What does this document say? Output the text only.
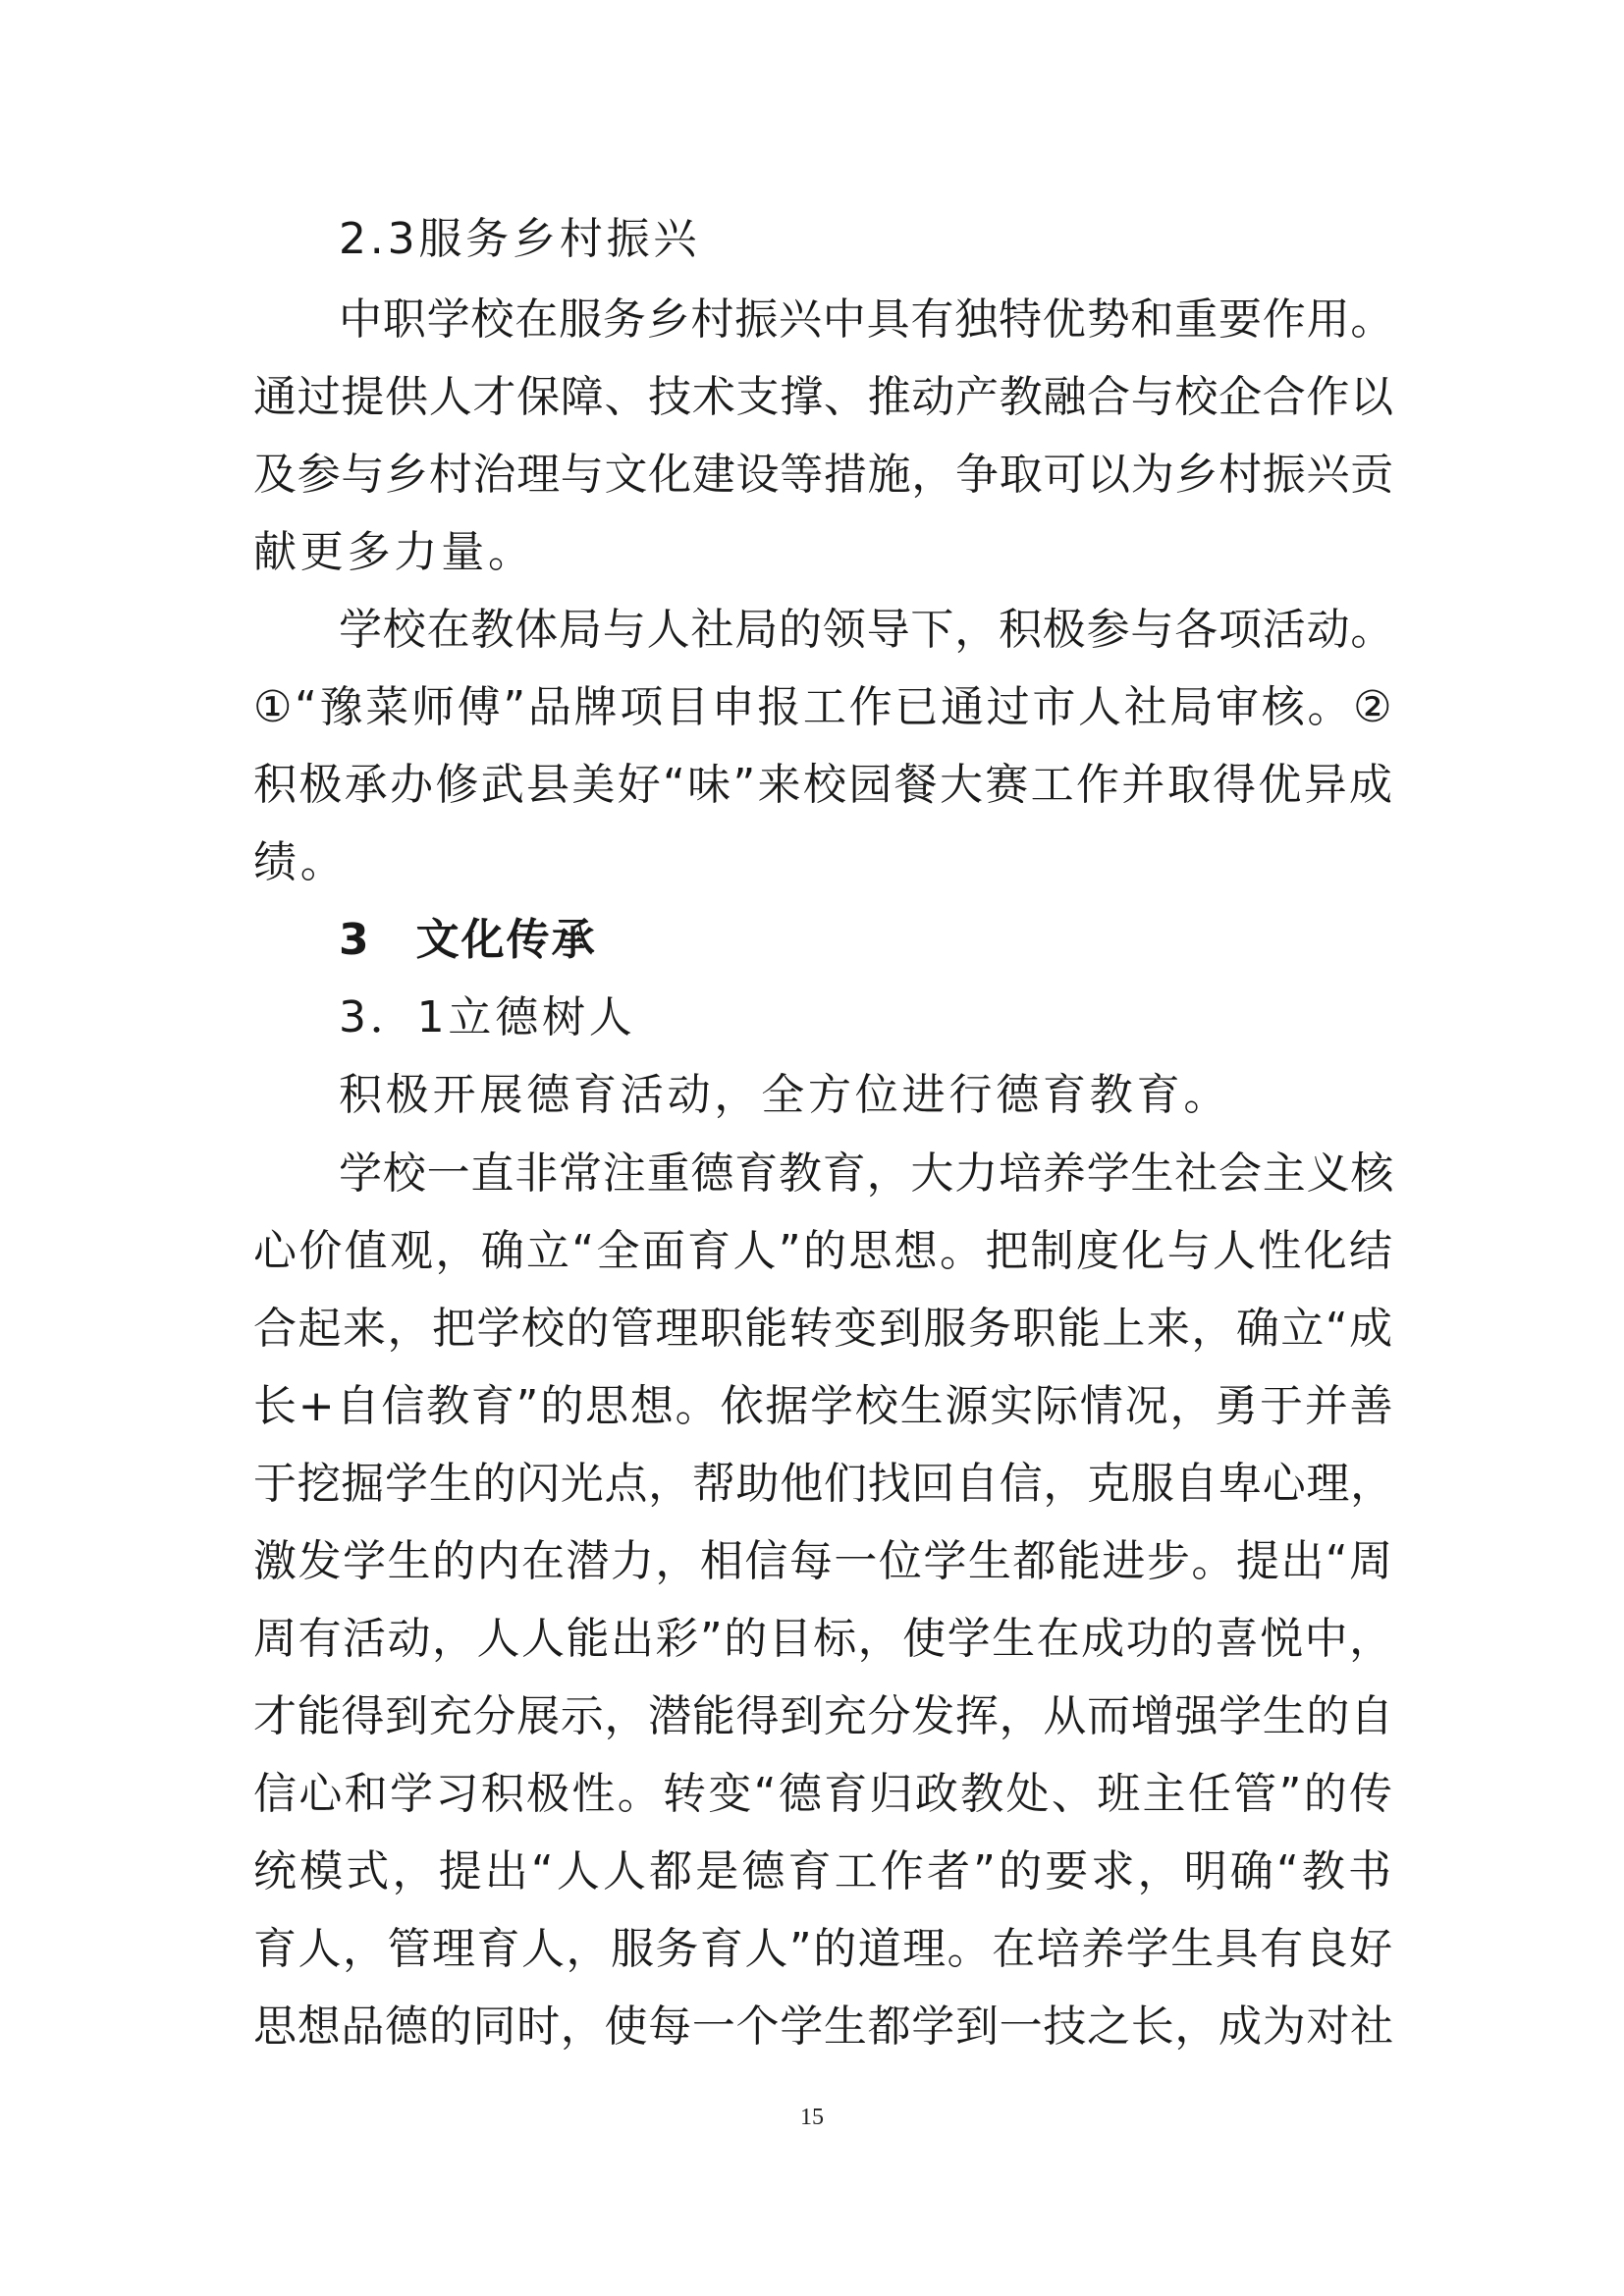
2.3服务乡村振兴
中职学校在服务乡村振兴中具有独特优势和重要作用。
通过提供人才保障、技术支撑、推动产教融合与校企合作以
及参与乡村治理与文化建设等措施，争取可以为乡村振兴贡
献更多力量。
学校在教体局与人社局的领导下，积极参与各项活动。
①“豫菜师傅”品牌项目申报工作已通过市人社局审核。②
积极承办修武县美好“味”来校园餐大赛工作并取得优异成
绩。
3　文化传承
3．1立德树人
积极开展德育活动，全方位进行德育教育。
学校一直非常注重德育教育，大力培养学生社会主义核
心价值观，确立“全面育人”的思想。把制度化与人性化结
合起来，把学校的管理职能转变到服务职能上来，确立“成
长+自信教育”的思想。依据学校生源实际情况，勇于并善
于挖掘学生的闪光点，帮助他们找回自信，克服自卑心理，
激发学生的内在潜力，相信每一位学生都能进步。提出“周
周有活动，人人能出彩”的目标，使学生在成功的喜悦中，
才能得到充分展示，潜能得到充分发挥，从而增强学生的自
信心和学习积极性。转变“德育归政教处、班主任管”的传
统模式，提出“人人都是德育工作者”的要求，明确“教书
育人，管理育人，服务育人”的道理。在培养学生具有良好
思想品德的同时，使每一个学生都学到一技之长，成为对社
15
